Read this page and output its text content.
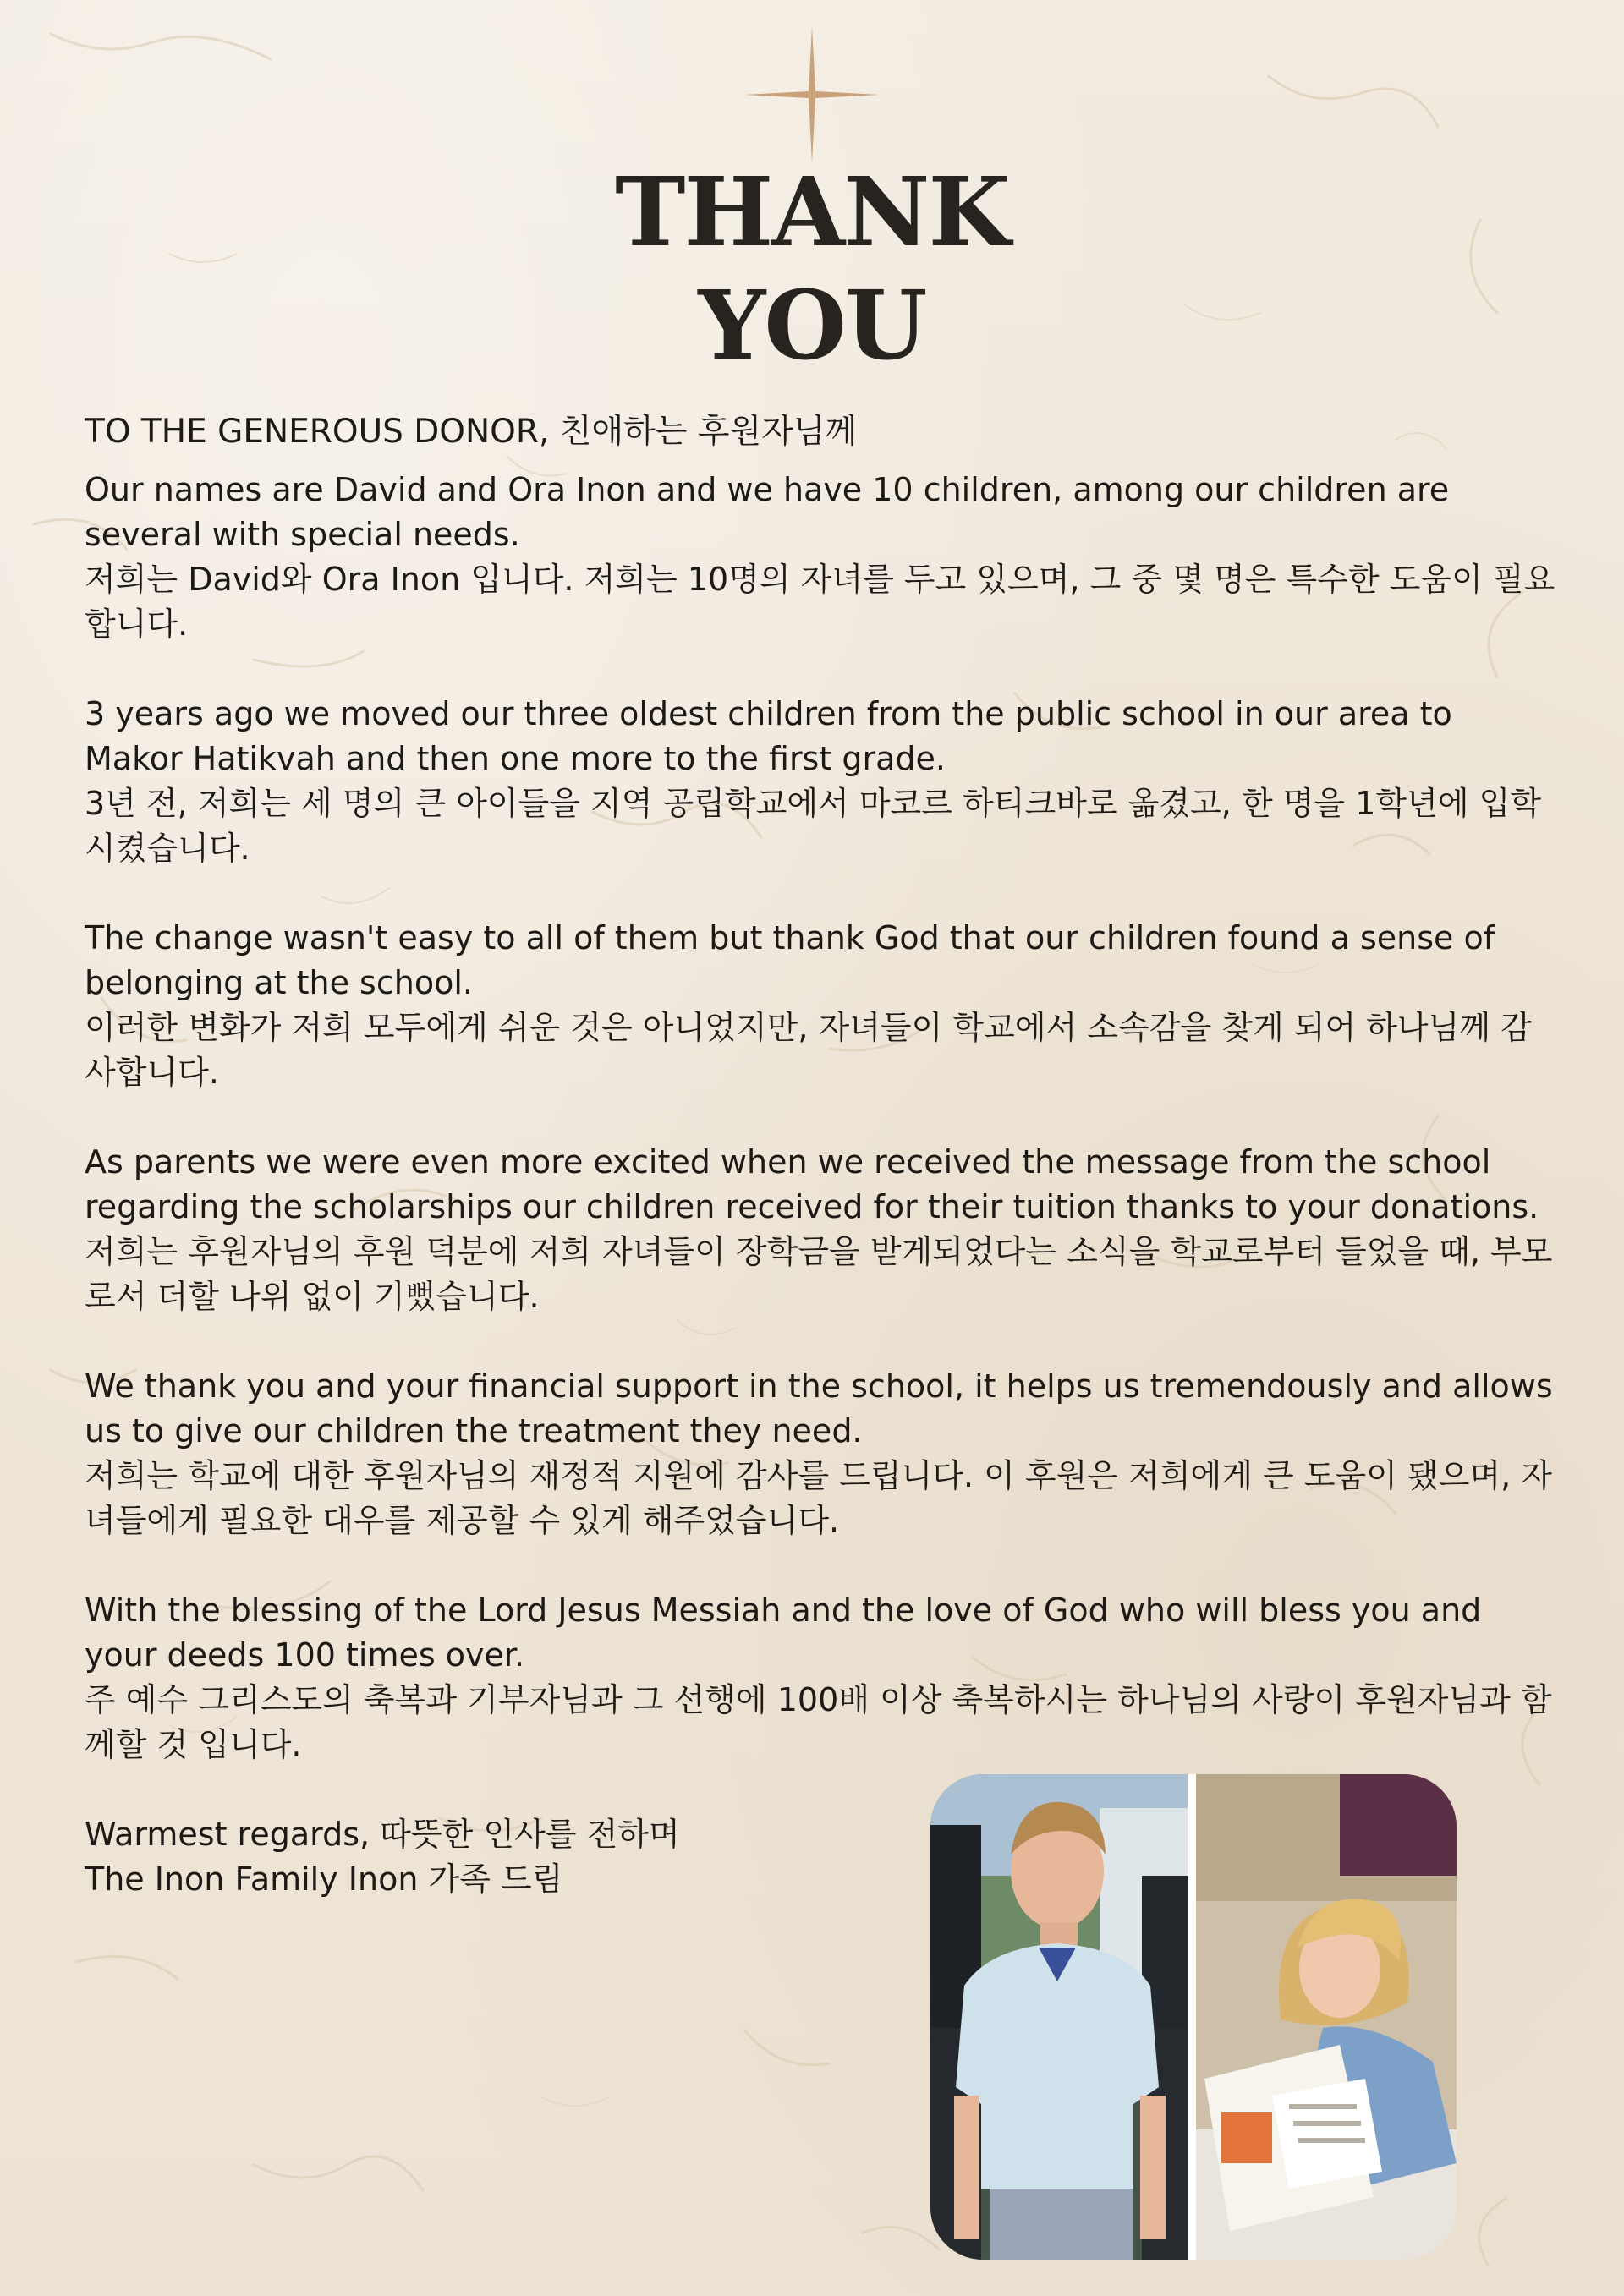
THANK
YOU

TO THE GENEROUS DONOR, 친애하는 후원자님께

Our names are David and Ora Inon and we have 10 children, among our children are several with special needs.

저희는 David와 Ora Inon 입니다. 저희는 10명의 자녀를 두고 있으며, 그 중 몇 명은 특수한 도움이 필요합니다.

3 years ago we moved our three oldest children from the public school in our area to Makor Hatikvah and then one more to the first grade.

3년 전, 저희는 세 명의 큰 아이들을 지역 공립학교에서 마코르 하티크바로 옮겼고, 한 명을 1학년에 입학시켰습니다.

The change wasn't easy to all of them but thank God that our children found a sense of belonging at the school.

이러한 변화가 저희 모두에게 쉬운 것은 아니었지만, 자녀들이 학교에서 소속감을 찾게 되어 하나님께 감사합니다.

As parents we were even more excited when we received the message from the school regarding the scholarships our children received for their tuition thanks to your donations.

저희는 후원자님의 후원 덕분에 저희 자녀들이 장학금을 받게되었다는 소식을 학교로부터 들었을 때, 부모로서 더할 나위 없이 기뻤습니다.

We thank you and your financial support in the school, it helps us tremendously and allows us to give our children the treatment they need.

저희는 학교에 대한 후원자님의 재정적 지원에 감사를 드립니다. 이 후원은 저희에게 큰 도움이 됐으며, 자녀들에게 필요한 대우를 제공할 수 있게 해주었습니다.

With the blessing of the Lord Jesus Messiah and the love of God who will bless you and your deeds 100 times over.

주 예수 그리스도의 축복과 기부자님과 그 선행에 100배 이상 축복하시는 하나님의 사랑이 후원자님과 함께할 것 입니다.

Warmest regards, 따뜻한 인사를 전하며

The Inon Family Inon 가족 드림
